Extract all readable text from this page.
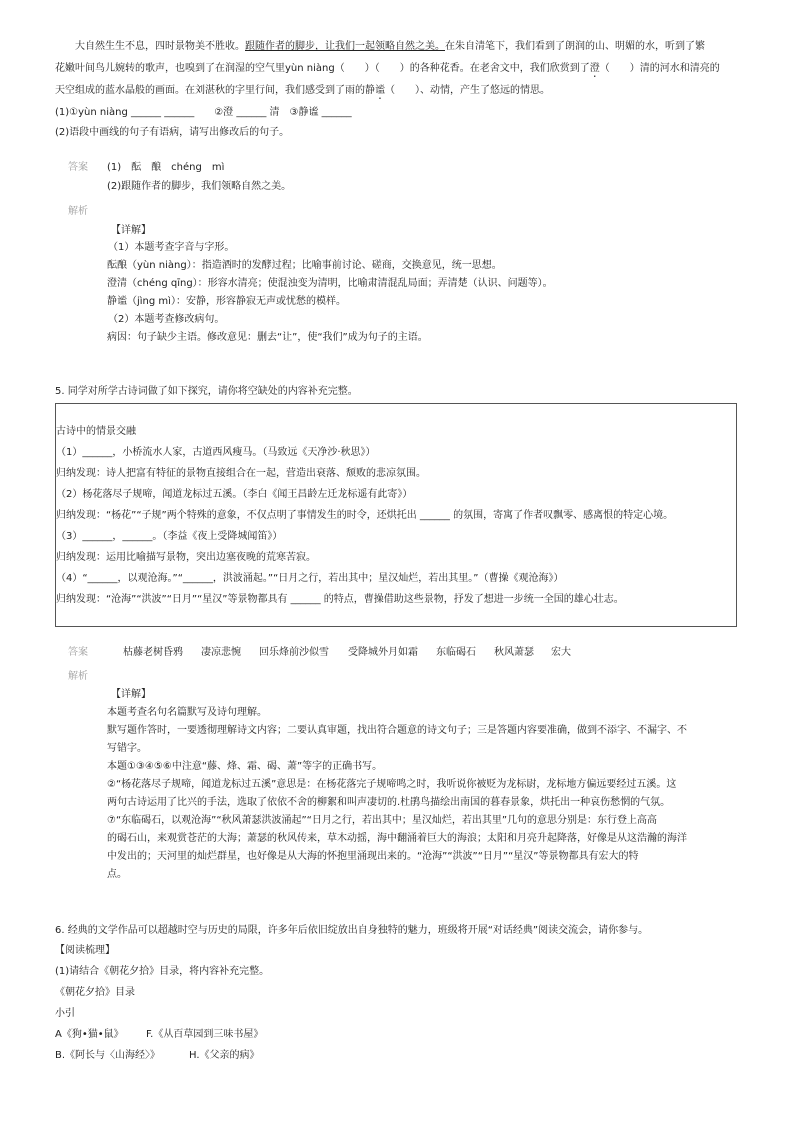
大自然生生不息，四时景物美不胜收。跟随作者的脚步，让我们一起领略自然之美。在朱自清笔下，我们看到了朗润的山、明媚的水，听到了繁
花嫩叶间鸟儿婉转的歌声，也嗅到了在润湿的空气里yùn niàng（　　）（　　）的各种花香。在老舍文中，我们欣赏到了澄（　　）清的河水和清亮的
天空组成的蓝水晶般的画面。在刘湛秋的字里行间，我们感受到了雨的静谧（　　）、动情，产生了悠远的情思。
(1)①yùn niàng ______ ______　　②澄 ______ 清　③静谧 ______
(2)语段中画线的句子有语病，请写出修改后的句子。
答案 (1)　酝　酿　chéng　mì
(2)跟随作者的脚步，我们领略自然之美。
解析
【详解】
（1）本题考查字音与字形。
酝酿（yùn niàng）：指造酒时的发酵过程；比喻事前讨论、磋商，交换意见，统一思想。
澄清（chéng qīng）：形容水清亮；使混浊变为清明，比喻肃清混乱局面；弄清楚（认识、问题等）。
静谧（jìng mì）：安静，形容静寂无声或忧愁的模样。
（2）本题考查修改病句。
病因：句子缺少主语。修改意见：删去“让”，使“我们”成为句子的主语。
5. 同学对所学古诗词做了如下探究，请你将空缺处的内容补充完整。
古诗中的情景交融
（1）______，小桥流水人家，古道西风瘦马。（马致远《天净沙·秋思》）
归纳发现：诗人把富有特征的景物直接组合在一起，营造出衰落、颓败的悲凉氛围。
（2）杨花落尽子规啼，闻道龙标过五溪。（李白《闻王昌龄左迁龙标遥有此寄》）
归纳发现：“杨花”“子规”两个特殊的意象，不仅点明了事情发生的时令，还烘托出 ______ 的氛围，寄寓了作者叹飘零、感离恨的特定心境。
（3）______，______。（李益《夜上受降城闻笛》）
归纳发现：运用比喻描写景物，突出边塞夜晚的荒寒苦寂。
（4）“______，以观沧海。”“______，洪波涌起。”“日月之行，若出其中；星汉灿烂，若出其里。”（曹操《观沧海》）
归纳发现：“沧海”“洪波”“日月”“星汉”等景物都具有 ______ 的特点，曹操借助这些景物，抒发了想进一步统一全国的雄心壮志。
答案	枯藤老树昏鸦 凄凉悲惋 回乐烽前沙似雪 受降城外月如霜 东临碣石 秋风萧瑟 宏大
解析
【详解】
本题考查名句名篇默写及诗句理解。
默写题作答时，一要透彻理解诗文内容；二要认真审题，找出符合题意的诗文句子；三是答题内容要准确，做到不添字、不漏字、不
写错字。
本题①③④⑤⑥中注意“藤、烽、霜、碣、萧”等字的正确书写。
②“杨花落尽子规啼，闻道龙标过五溪”意思是：在杨花落完子规啼鸣之时，我听说你被贬为龙标尉，龙标地方偏远要经过五溪。这
两句古诗运用了比兴的手法，选取了依依不舍的柳絮和叫声凄切的.杜鹃鸟描绘出南国的暮春景象，烘托出一种哀伤愁惘的气氛。
⑦“东临碣石，以观沧海”“秋风萧瑟洪波涌起”“日月之行，若出其中；星汉灿烂，若出其里”几句的意思分别是：东行登上高高
的碣石山，来观赏苍茫的大海；萧瑟的秋风传来，草木动摇，海中翻涌着巨大的海浪；太阳和月亮升起降落，好像是从这浩瀚的海洋
中发出的；天河里的灿烂群星，也好像是从大海的怀抱里涌现出来的。“沧海”“洪波”“日月”“星汉”等景物都具有宏大的特
点。
6. 经典的文学作品可以超越时空与历史的局限，许多年后依旧绽放出自身独特的魅力，班级将开展“对话经典”阅读交流会，请你参与。
【阅读梳理】
(1)请结合《朝花夕拾》目录，将内容补充完整。
《朝花夕拾》目录
小引
A《狗•猫•鼠》 F.《从百草园到三味书屋》
B.《阿长与〈山海经〉》	H.《父亲的病》
